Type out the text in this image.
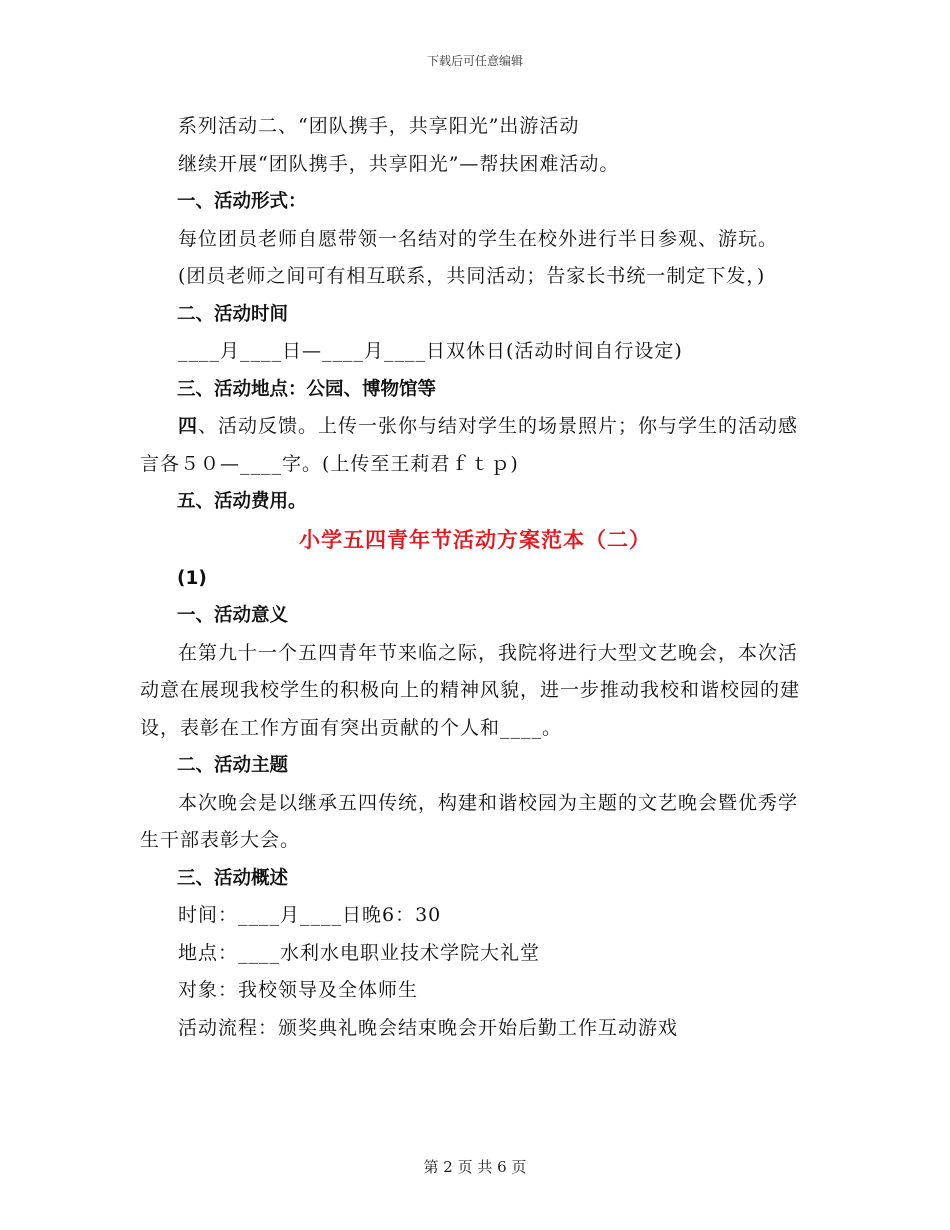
下载后可任意编辑

系列活动二、“团队携手，共享阳光”出游活动

继续开展“团队携手，共享阳光”—帮扶困难活动。

一、活动形式：

每位团员老师自愿带领一名结对的学生在校外进行半日参观、游玩。

(团员老师之间可有相互联系，共同活动；告家长书统一制定下发，)

二、活动时间

____月____日—____月____日双休日(活动时间自行设定)

三、活动地点：公园、博物馆等

四、活动反馈。上传一张你与结对学生的场景照片；你与学生的活动感言各５０—____字。(上传至王莉君ｆｔｐ)

五、活动费用。

小学五四青年节活动方案范本（二）

(1)

一、活动意义

在第九十一个五四青年节来临之际，我院将进行大型文艺晚会，本次活动意在展现我校学生的积极向上的精神风貌，进一步推动我校和谐校园的建设，表彰在工作方面有突出贡献的个人和____。

二、活动主题

本次晚会是以继承五四传统，构建和谐校园为主题的文艺晚会暨优秀学生干部表彰大会。

三、活动概述

时间：____月____日晚6：30

地点：____水利水电职业技术学院大礼堂

对象：我校领导及全体师生

活动流程：颁奖典礼晚会结束晚会开始后勤工作互动游戏

第 2 页 共 6 页
